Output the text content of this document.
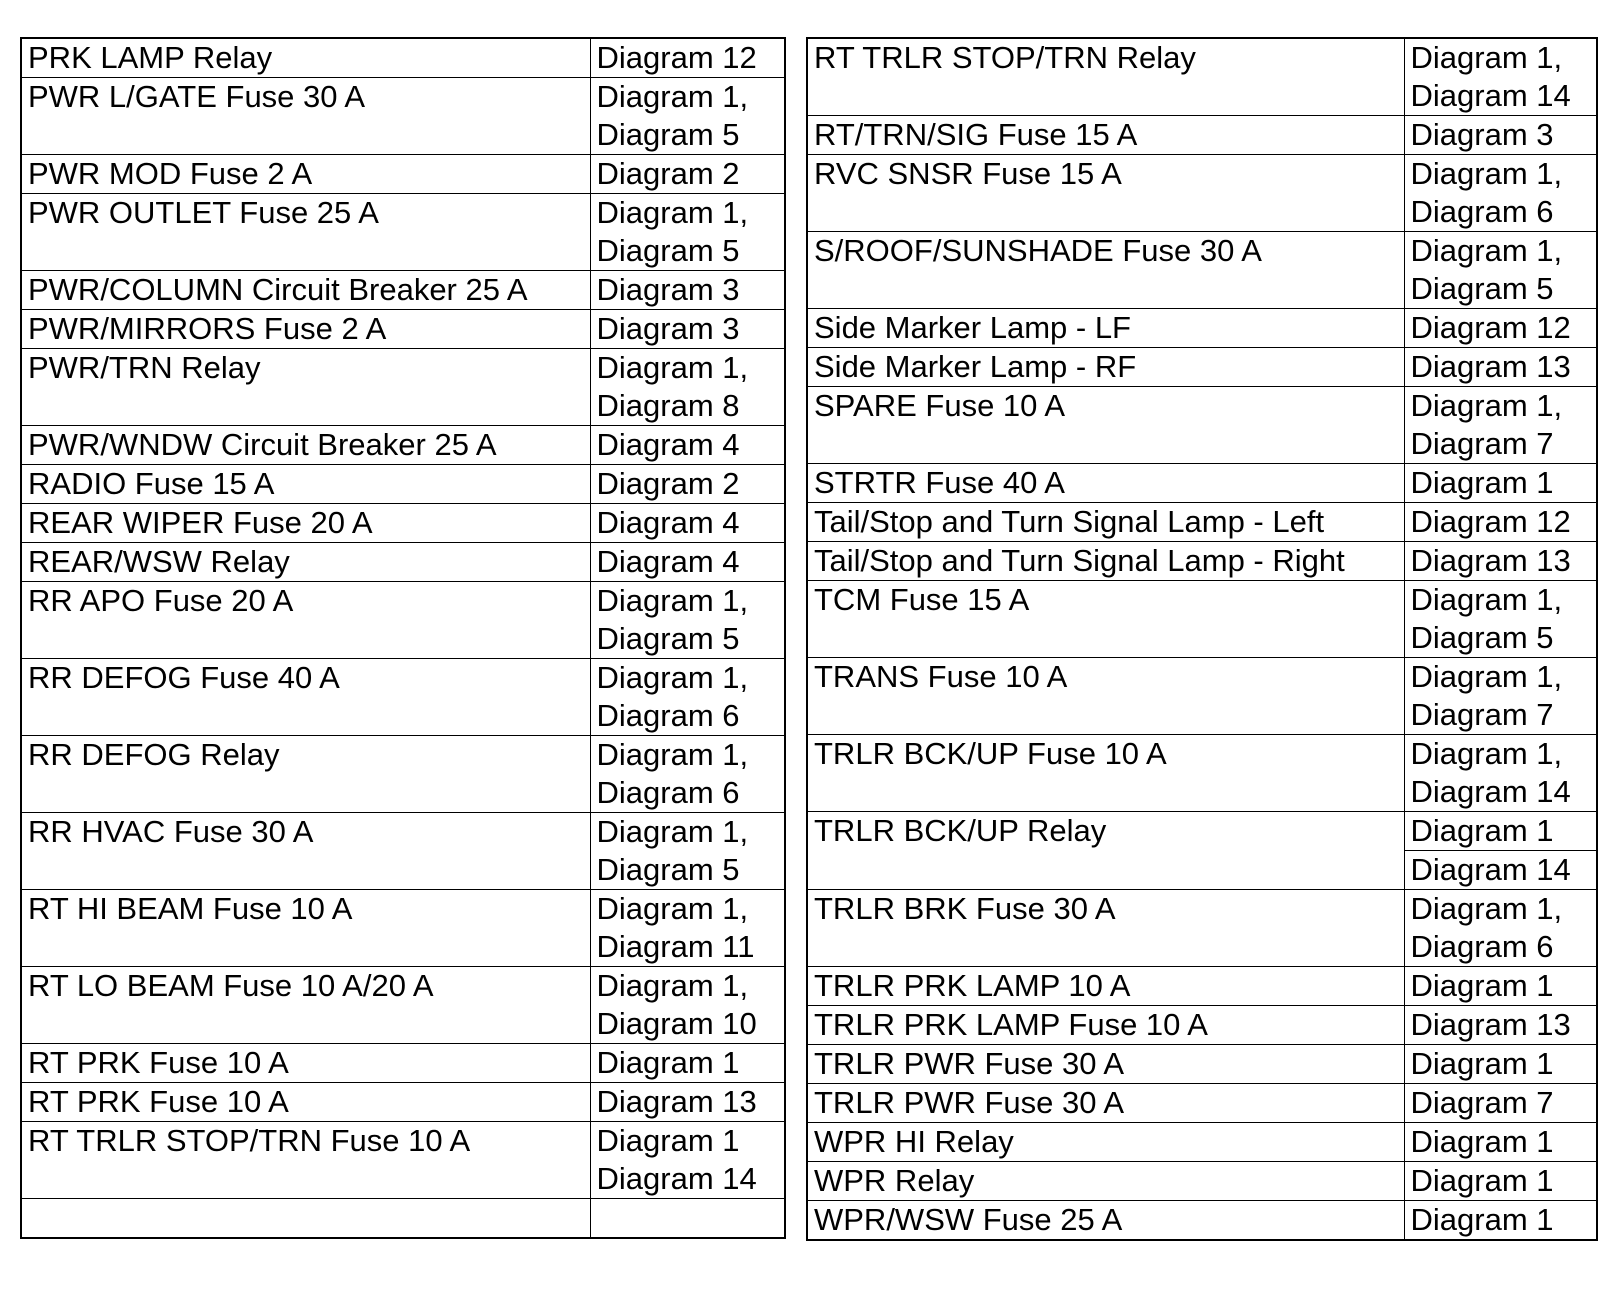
PRK LAMP Relay	Diagram 12

PWR L/GATE Fuse 30 A	Diagram 1,
Diagram 5

PWR MOD Fuse 2 A	Diagram 2

PWR OUTLET Fuse 25 A	Diagram 1,
Diagram 5

PWR/COLUMN Circuit Breaker 25 A	Diagram 3

PWR/MIRRORS Fuse 2 A	Diagram 3

PWR/TRN Relay	Diagram 1,
Diagram 8

PWR/WNDW Circuit Breaker 25 A	Diagram 4

RADIO Fuse 15 A	Diagram 2

REAR WIPER Fuse 20 A	Diagram 4

REAR/WSW Relay	Diagram 4

RR APO Fuse 20 A	Diagram 1,
Diagram 5

RR DEFOG Fuse 40 A	Diagram 1,
Diagram 6

RR DEFOG Relay	Diagram 1,
Diagram 6

RR HVAC Fuse 30 A	Diagram 1,
Diagram 5

RT HI BEAM Fuse 10 A	Diagram 1,
Diagram 11

RT LO BEAM Fuse 10 A/20 A	Diagram 1,
Diagram 10

RT PRK Fuse 10 A	Diagram 1

RT PRK Fuse 10 A	Diagram 13

RT TRLR STOP/TRN Fuse 10 A	Diagram 1
Diagram 14

RT TRLR STOP/TRN Relay	Diagram 1,
Diagram 14

RT/TRN/SIG Fuse 15 A	Diagram 3

RVC SNSR Fuse 15 A	Diagram 1,
Diagram 6

S/ROOF/SUNSHADE Fuse 30 A	Diagram 1,
Diagram 5

Side Marker Lamp - LF	Diagram 12

Side Marker Lamp - RF	Diagram 13

SPARE Fuse 10 A	Diagram 1,
Diagram 7

STRTR Fuse 40 A	Diagram 1

Tail/Stop and Turn Signal Lamp - Left	Diagram 12

Tail/Stop and Turn Signal Lamp - Right	Diagram 13

TCM Fuse 15 A	Diagram 1,
Diagram 5

TRANS Fuse 10 A	Diagram 1,
Diagram 7

TRLR BCK/UP Fuse 10 A	Diagram 1,
Diagram 14

TRLR BCK/UP Relay	Diagram 1
	Diagram 14
TRLR BRK Fuse 30 A	Diagram 1,
Diagram 6

TRLR PRK LAMP 10 A	Diagram 1

TRLR PRK LAMP Fuse 10 A	Diagram 13

TRLR PWR Fuse 30 A	Diagram 1

TRLR PWR Fuse 30 A	Diagram 7

WPR HI Relay	Diagram 1

WPR Relay	Diagram 1

WPR/WSW Fuse 25 A	Diagram 1
